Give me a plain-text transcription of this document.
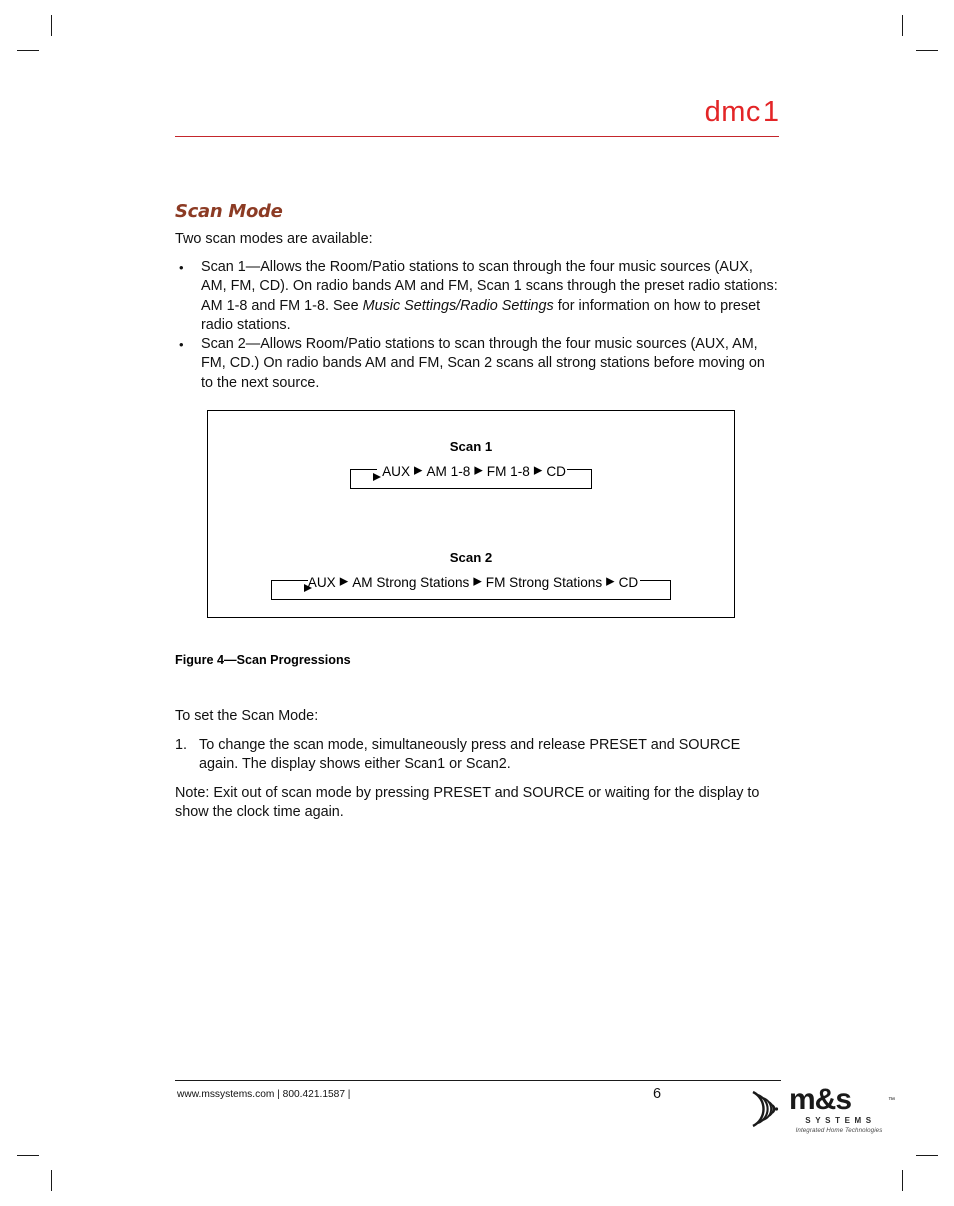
dmc1
Scan Mode
Two scan modes are available:
•	Scan 1—Allows the Room/Patio stations to scan through the four music sources (AUX, AM, FM, CD). On radio bands AM and FM, Scan 1 scans through the preset radio stations: AM 1-8 and FM 1-8. See Music Settings/Radio Settings for information on how to preset radio stations.
•	Scan 2—Allows Room/Patio stations to scan through the four music sources (AUX, AM, FM, CD.) On radio bands AM and FM, Scan 2 scans all strong stations before moving on to the next source.
Scan 1
AUX ▶ AM 1-8 ▶ FM 1-8 ▶ CD
Scan 2
AUX ▶ AM Strong Stations ▶ FM Strong Stations ▶ CD
Figure 4—Scan Progressions
To set the Scan Mode:
1. To change the scan mode, simultaneously press and release PRESET and SOURCE again. The display shows either Scan1 or Scan2.
Note: Exit out of scan mode by pressing PRESET and SOURCE or waiting for the display to show the clock time again.
www.mssystems.com | 800.421.1587 |	6	m&s	™
SYSTEMS
Integrated Home Technologies
